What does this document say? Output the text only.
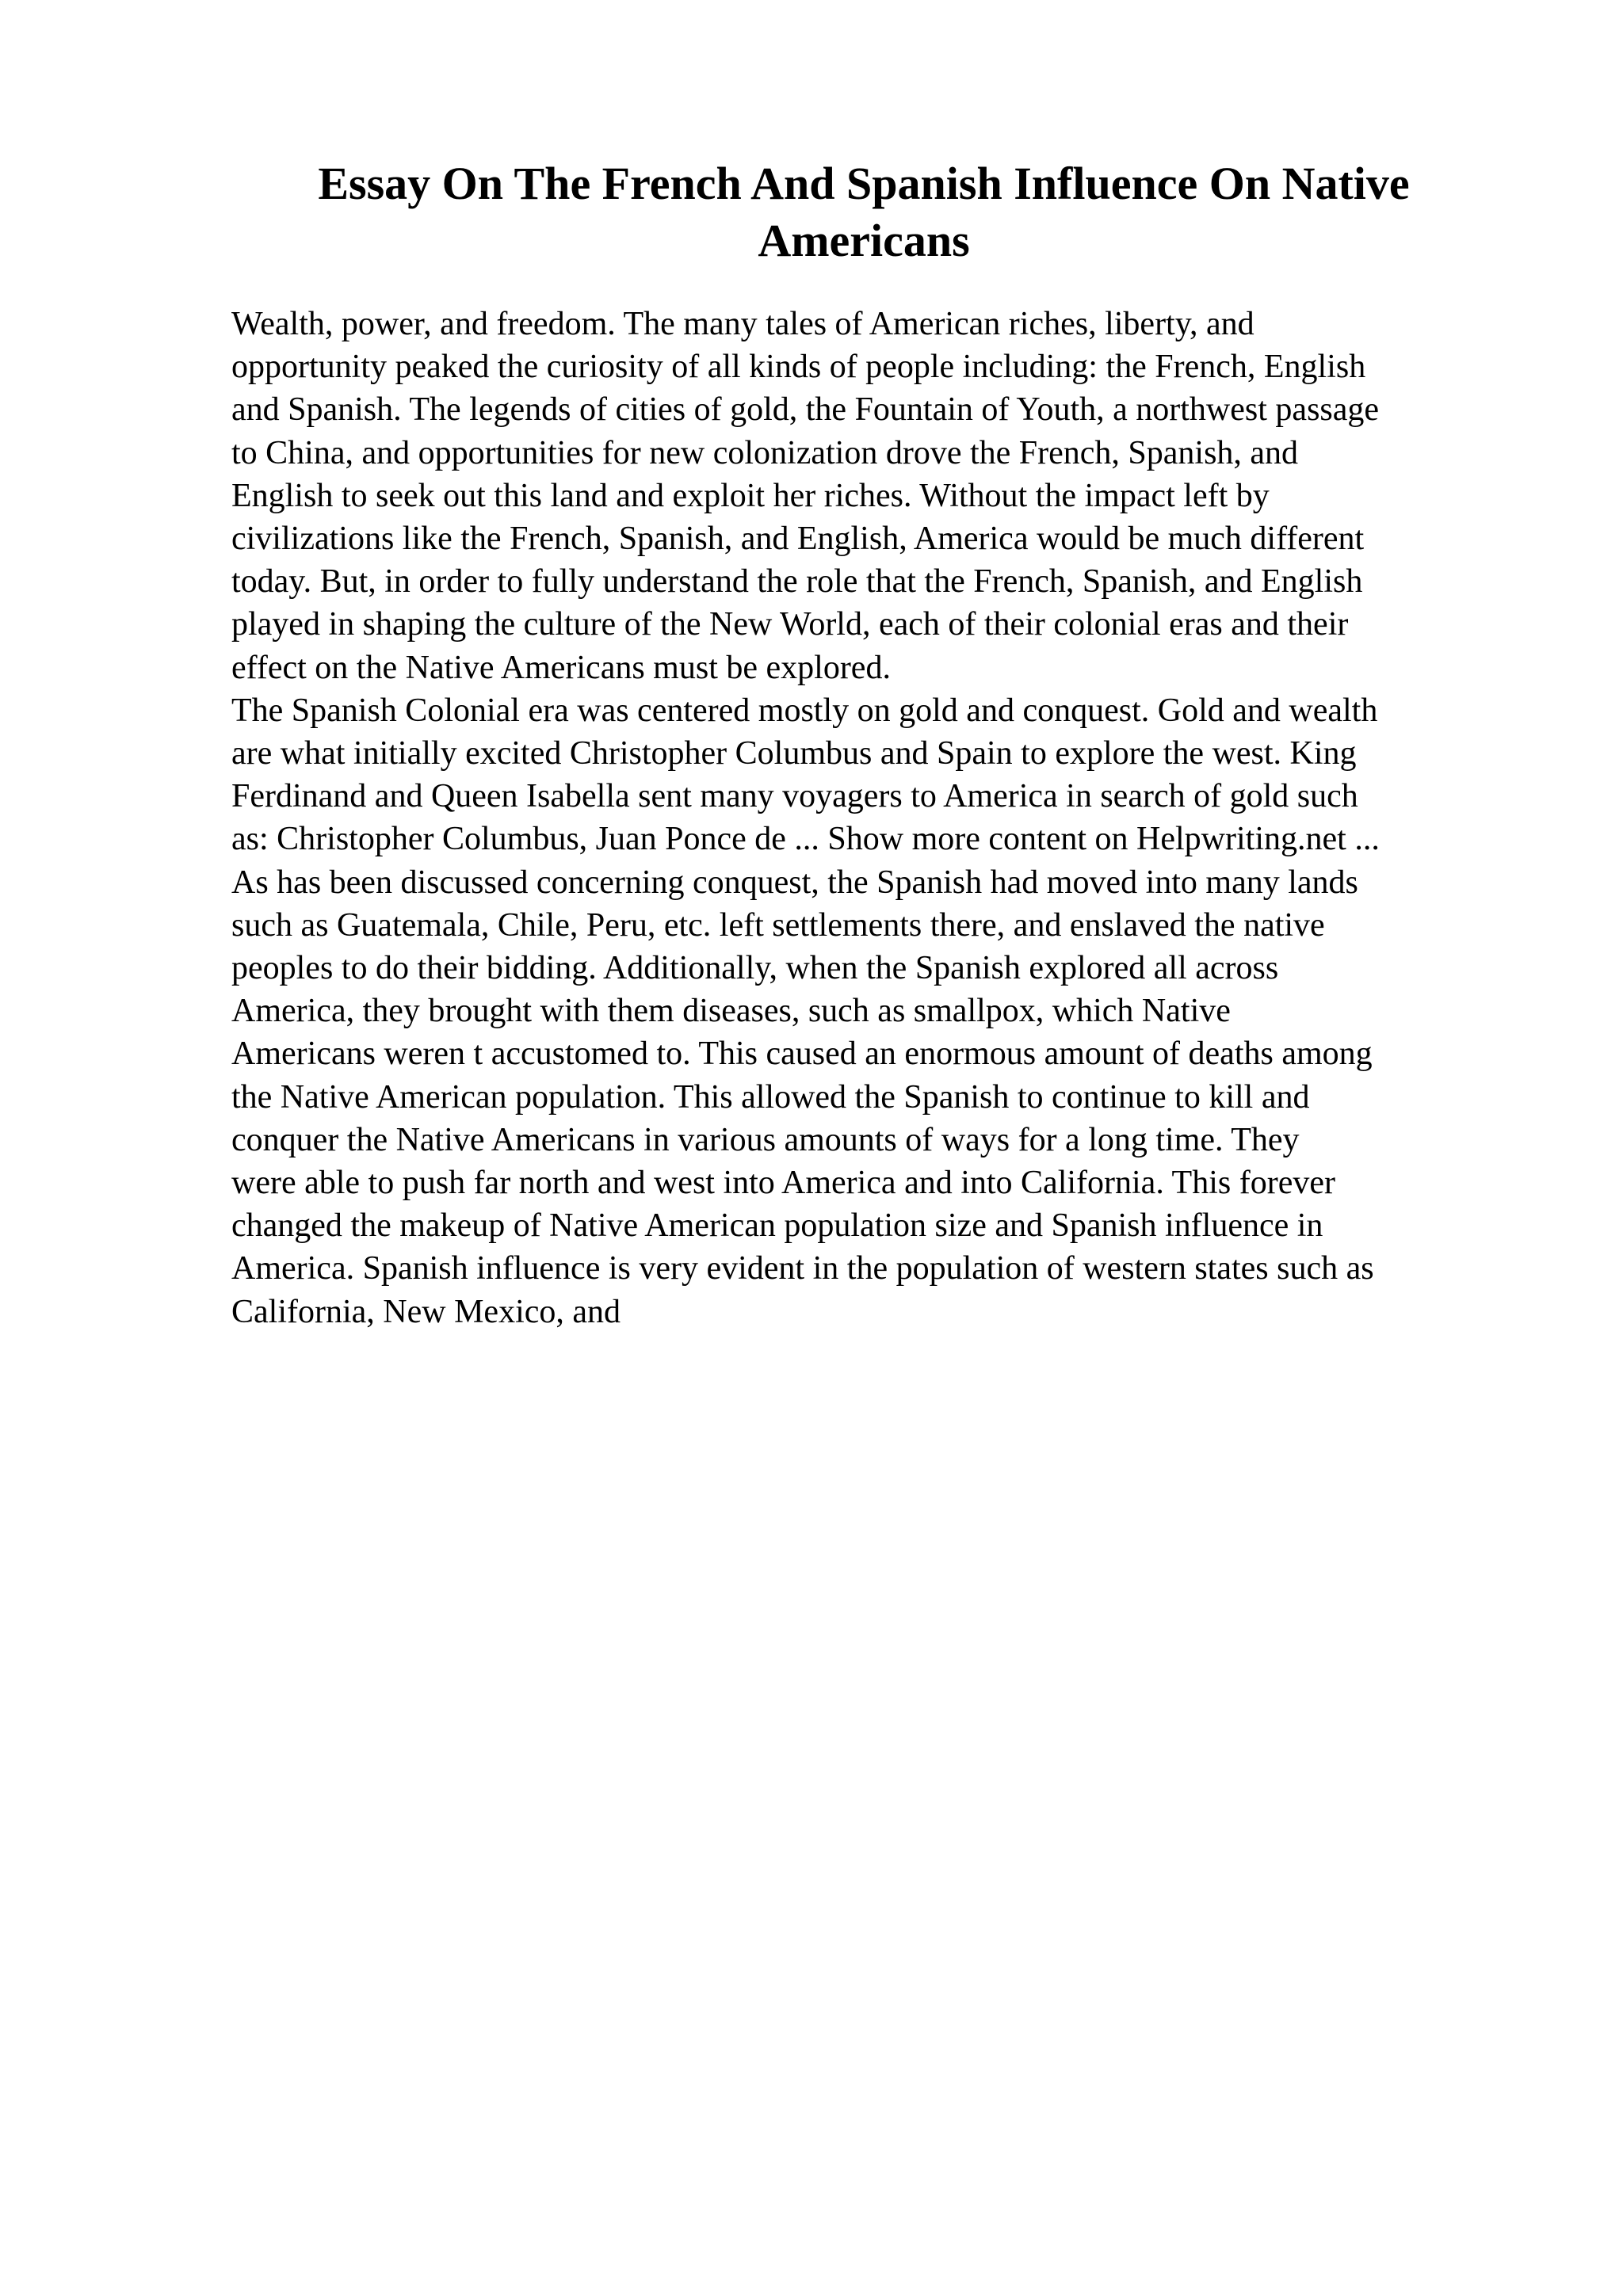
Essay On The French And Spanish Influence On Native Americans

Wealth, power, and freedom. The many tales of American riches, liberty, and
opportunity peaked the curiosity of all kinds of people including: the French, English
and Spanish. The legends of cities of gold, the Fountain of Youth, a northwest passage
to China, and opportunities for new colonization drove the French, Spanish, and
English to seek out this land and exploit her riches. Without the impact left by
civilizations like the French, Spanish, and English, America would be much different
today. But, in order to fully understand the role that the French, Spanish, and English
played in shaping the culture of the New World, each of their colonial eras and their
effect on the Native Americans must be explored.
The Spanish Colonial era was centered mostly on gold and conquest. Gold and wealth
are what initially excited Christopher Columbus and Spain to explore the west. King
Ferdinand and Queen Isabella sent many voyagers to America in search of gold such
as: Christopher Columbus, Juan Ponce de ... Show more content on Helpwriting.net ...
As has been discussed concerning conquest, the Spanish had moved into many lands
such as Guatemala, Chile, Peru, etc. left settlements there, and enslaved the native
peoples to do their bidding. Additionally, when the Spanish explored all across
America, they brought with them diseases, such as smallpox, which Native
Americans weren t accustomed to. This caused an enormous amount of deaths among
the Native American population. This allowed the Spanish to continue to kill and
conquer the Native Americans in various amounts of ways for a long time. They
were able to push far north and west into America and into California. This forever
changed the makeup of Native American population size and Spanish influence in
America. Spanish influence is very evident in the population of western states such as
California, New Mexico, and
